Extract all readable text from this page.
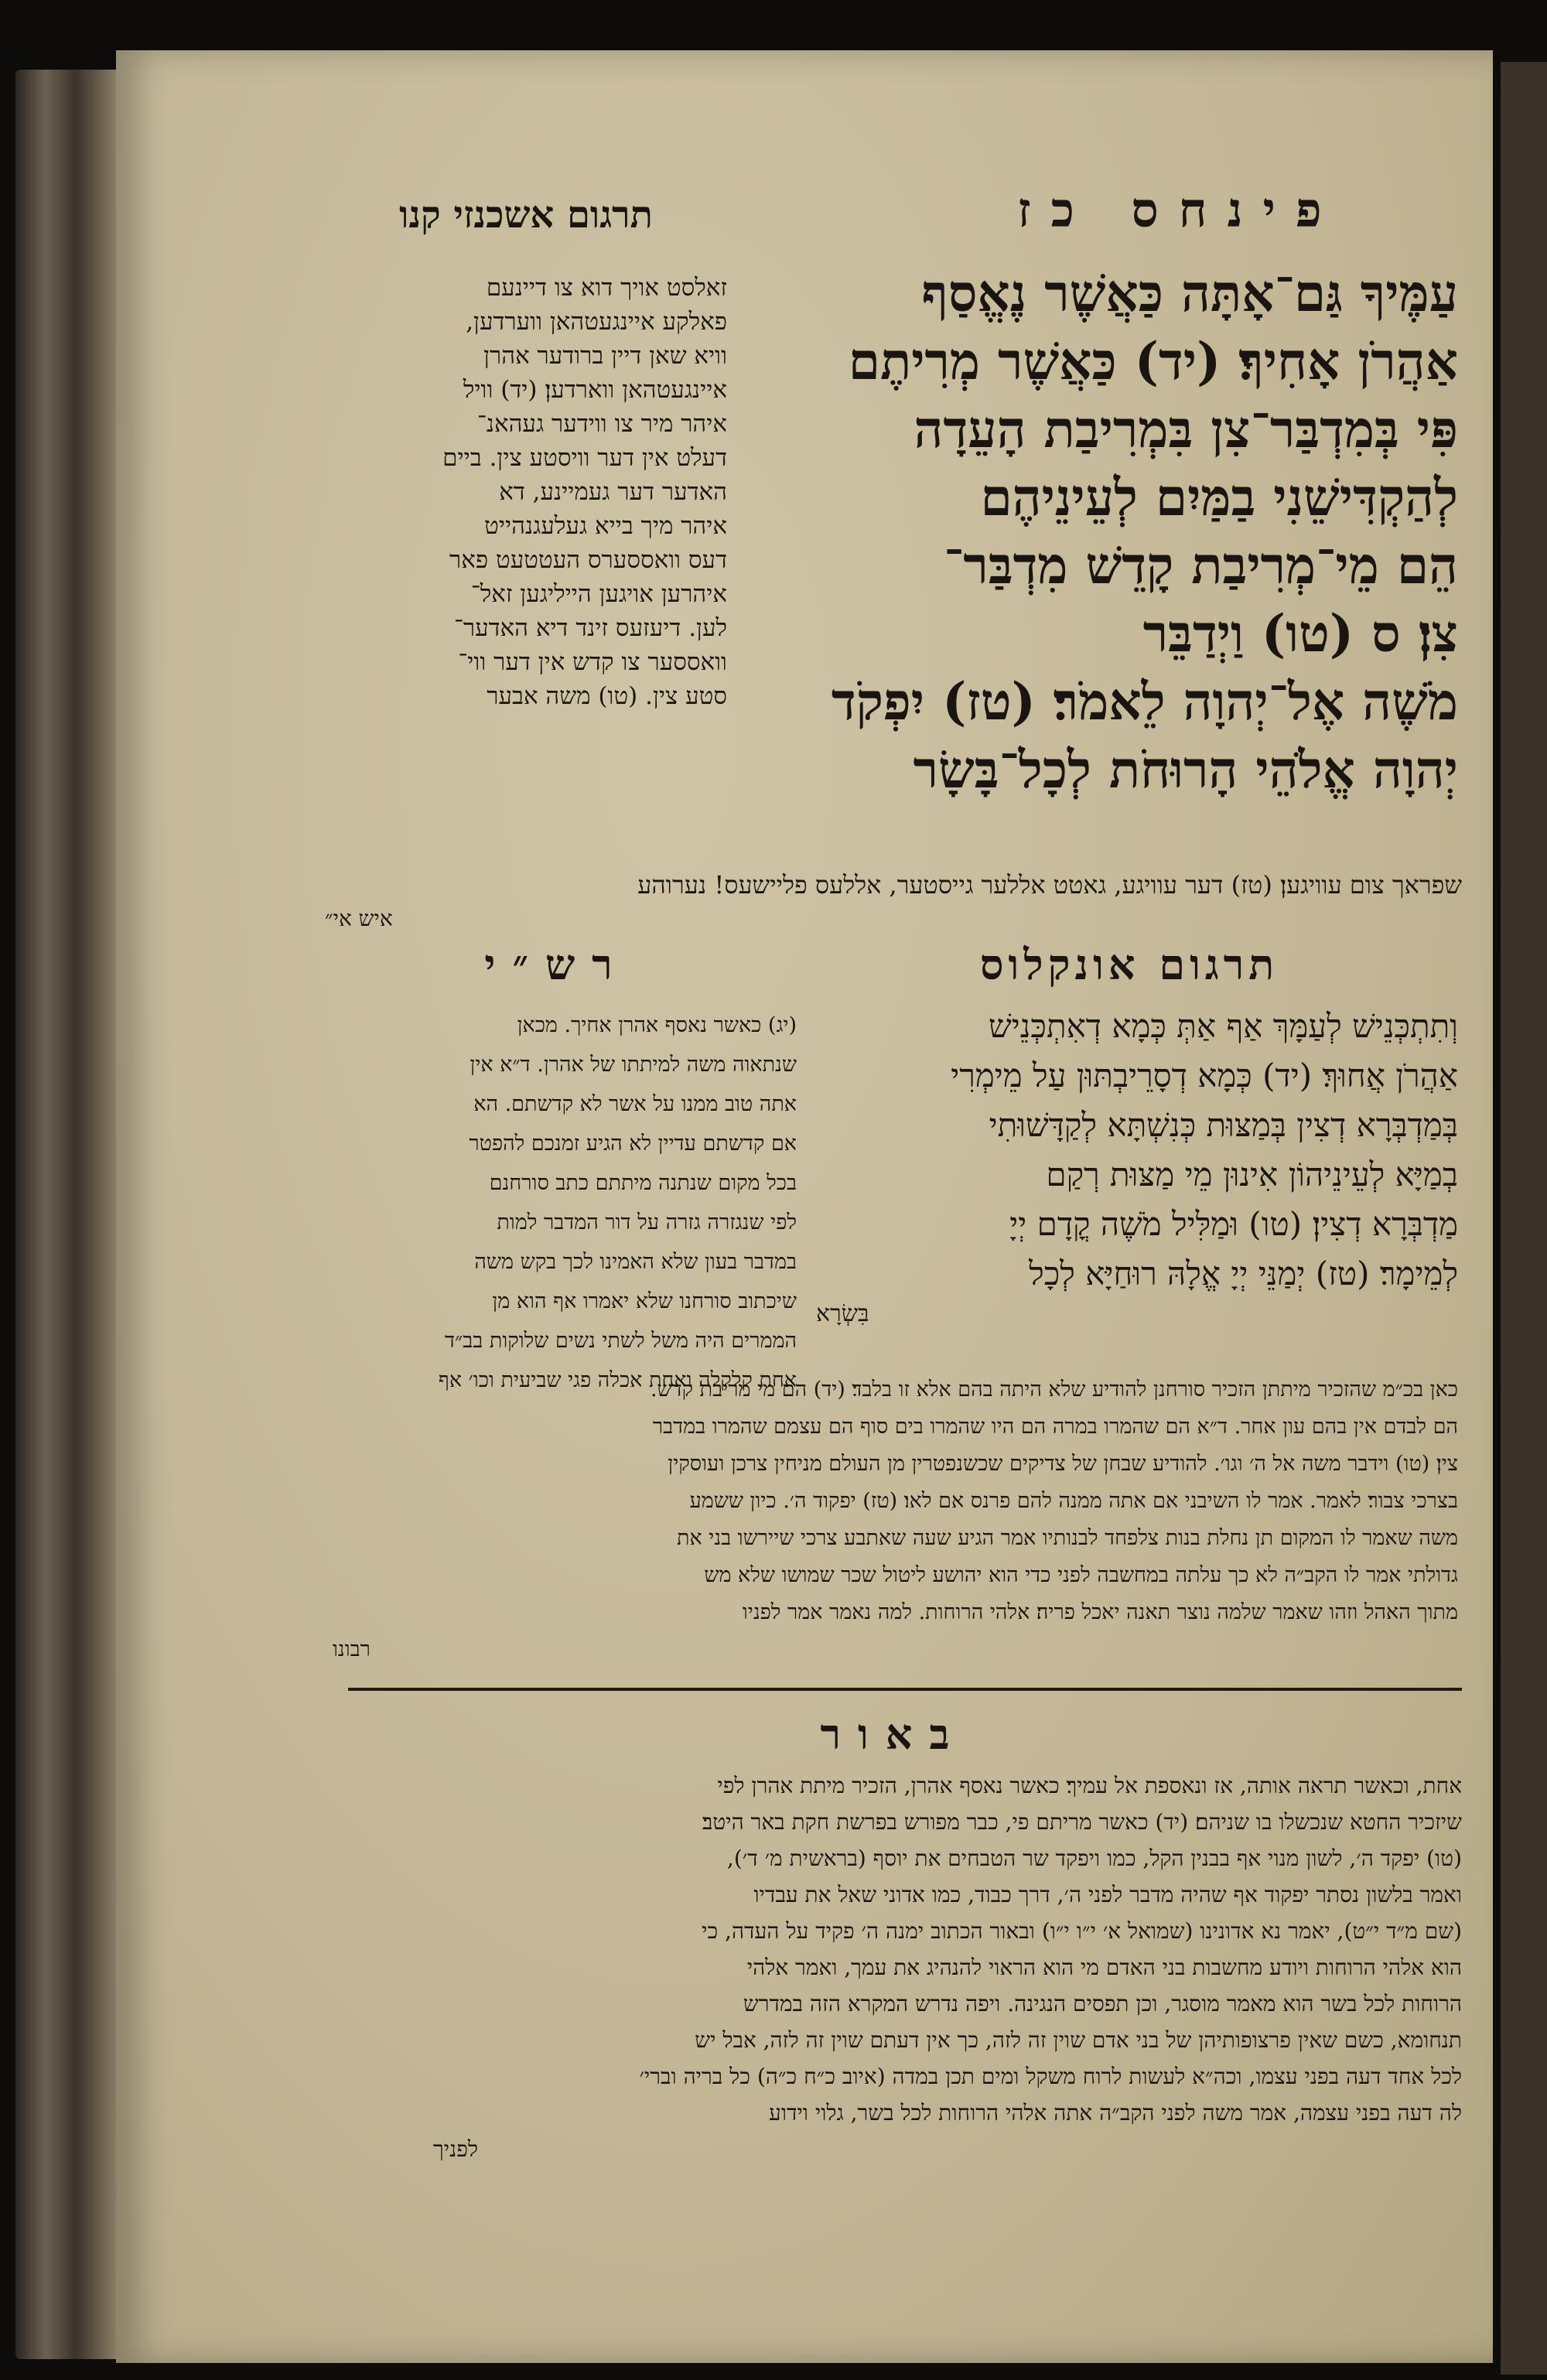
פינחס כז
תרגום אשכנזי קנו

עַמֶּיךָ גַּם־אָתָּה כַּאֲשֶׁר נֶאֱסַף

אַהֲרֹן אָחִיךָ׃ (יד) כַּאֲשֶׁר מְרִיתֶם

פִּי בְּמִדְבַּר־צִן בִּמְרִיבַת הָעֵדָה

לְהַקְדִּישֵׁנִי בַמַּיִם לְעֵינֵיהֶם

הֵם מֵי־מְרִיבַת קָדֵשׁ מִדְבַּר־

צִן׃ ס (טו) וַיְדַבֵּר

מֹשֶׁה אֶל־יְהוָה לֵאמֹר׃ (טז) יִפְקֹד

יְהוָה אֱלֹהֵי הָרוּחֹת לְכָל־בָּשָׂר

זאלסט אויך דוא צו דיינעם

פאלקע איינגעטהאן ווערדען,

וויא שאן דיין ברודער אהרן

איינגעטהאן ווארדען׃ (יד) וויל

איהר מיר צו ווידער געהאנ־

דעלט אין דער וויסטע צין. ביים

האדער דער געמיינע, דא

איהר מיך בייא געלעגנהייט

דעס וואססערס העטטעט פאר

איהרען אויגען הייליגען זאל־

לען. דיעזעס זינד דיא האדער־

וואססער צו קדש אין דער ווי־

סטע צין. (טו) משה אבער

שפראך צום עוויגען׃ (טז) דער עוויגע, גאטט אללער גייסטער, אללעס פליישעס! נערוהע

איש אי״

תרגום אונקלוס
רש״י

וְתִתְכְּנֵישׁ לְעַמָּךְ אַף אַתְּ כְּמָא דְאִתְכְּנֵישׁ

אַהֲרֹן אֲחוּךְ׃ (יד) כְּמָא דְסָרֵיבְתּוּן עַל מֵימְרִי

בְּמַדְבְּרָא דְצִין בְּמַצּוּת כְּנִשְׁתָּא לְקַדָּשׁוּתִי

בְמַיָּא לְעֵינֵיהוֹן אִינוּן מֵי מַצּוּת רְקַם

מַדְבְּרָא דְצִין׃ (טו) וּמַלִּיל מֹשֶׁה קֳדָם יְיָ

לְמֵימָר׃ (טז) יְמַנֵּי יְיָ אֱלָהּ רוּחַיָּא לְכָל

בִּשְׂרָא

(יג) כאשר נאסף אהרן אחיך. מכאן

שנתאוה משה למיתתו של אהרן. ד״א אין

אתה טוב ממנו על אשר לא קדשתם. הא

אם קדשתם עדיין לא הגיע זמנכם להפטר

בכל מקום שנתנה מיתתם כתב סורחנם

לפי שנגזרה גזרה על דור המדבר למות

במדבר בעון שלא האמינו לכך בקש משה

שיכתוב סורחנו שלא יאמרו אף הוא מן

הממרים היה משל לשתי נשים שלוקות בב״ד

אחת קלקלה ואחת אכלה פגי שביעית וכו׳ אף

כאן בכ״מ שהזכיר מיתתן הזכיר סורחנן להודיע שלא היתה בהם אלא זו בלבד׃ (יד) הם מי מריבת קדש.

הם לבדם אין בהם עון אחר. ד״א הם שהמרו במרה הם היו שהמרו בים סוף הם עצמם שהמרו במדבר

צין׃ (טו) וידבר משה אל ה׳ וגו׳. להודיע שבחן של צדיקים שכשנפטרין מן העולם מניחין צרכן ועוסקין

בצרכי צבור׃ לאמר. אמר לו השיבני אם אתה ממנה להם פרנס אם לאו׃ (טז) יפקוד ה׳. כיון ששמע

משה שאמר לו המקום תן נחלת בנות צלפחד לבנותיו אמר הגיע שעה שאתבע צרכי שיירשו בני את

גדולתי אמר לו הקב״ה לא כך עלתה במחשבה לפני כדי הוא יהושע ליטול שכר שמושו שלא מש

מתוך האהל וזהו שאמר שלמה נוצר תאנה יאכל פריה׃ אלהי הרוחות. למה נאמר אמר לפניו

רבונו

באור

אחת, וכאשר תראה אותה, אז ונאספת אל עמיך׃ כאשר נאסף אהרן, הזכיר מיתת אהרן לפי

שיזכיר החטא שנכשלו בו שניהם׃ (יד) כאשר מריתם פי, כבר מפורש בפרשת חקת באר היטב׃

(טו) יפקד ה׳, לשון מנוי אף בבנין הקל, כמו ויפקד שר הטבחים את יוסף (בראשית מ׳ ד׳),

ואמר בלשון נסתר יפקוד אף שהיה מדבר לפני ה׳, דרך כבוד, כמו אדוני שאל את עבדיו

(שם מ״ד י״ט), יאמר נא אדונינו (שמואל א׳ י״ו י״ו) ובאור הכתוב ימנה ה׳ פקיד על העדה, כי

הוא אלהי הרוחות ויודע מחשבות בני האדם מי הוא הראוי להנהיג את עמך, ואמר אלהי

הרוחות לכל בשר הוא מאמר מוסגר, וכן תפסים הנגינה. ויפה נדרש המקרא הזה במדרש

תנחומא, כשם שאין פרצופותיהן של בני אדם שוין זה לזה, כך אין דעתם שוין זה לזה, אבל יש

לכל אחד דעה בפני עצמו, וכה״א לעשות לרוח משקל ומים תכן במדה (איוב כ״ח כ״ה) כל בריה וברי׳

לה דעה בפני עצמה, אמר משה לפני הקב״ה אתה אלהי הרוחות לכל בשר, גלוי וידוע

לפניך
